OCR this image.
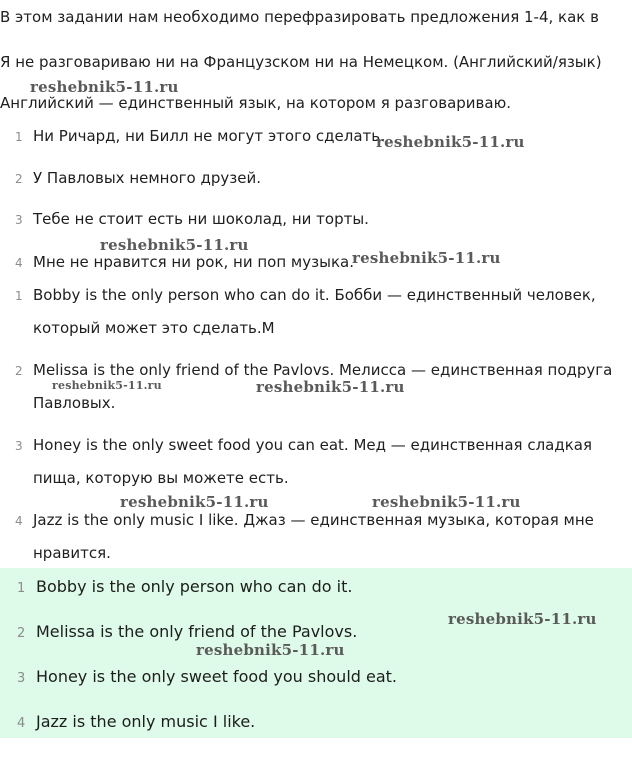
В этом задании нам необходимо перефразировать предложения 1-4, как в
Я не разговариваю ни на Французском ни на Немецком. (Английский/язык)
Английский — единственный язык, на котором я разговариваю.
1 Ни Ричард, ни Билл не могут этого сделать.
2 У Павловых немного друзей.
3 Тебе не стоит есть ни шоколад, ни торты.
4 Мне не нравится ни рок, ни поп музыка.
1 Bobby is the only person who can do it. Бобби — единственный человек,
который может это сделать.М
2 Melissa is the only friend of the Pavlovs. Мелисса — единственная подруга
Павловых.
3 Honey is the only sweet food you can eat. Мед — единственная сладкая
пища, которую вы можете есть.
4 Jazz is the only music I like. Джаз — единственная музыка, которая мне
нравится.
1 Bobby is the only person who can do it.
2 Melissa is the only friend of the Pavlovs.
3 Honey is the only sweet food you should eat.
4 Jazz is the only music I like.
reshebnik5-11.ru
reshebnik5-11.ru
reshebnik5-11.ru
reshebnik5-11.ru
reshebnik5-11.ru	reshebnik5-11.ru
reshebnik5-11.ru	reshebnik5-11.ru
reshebnik5-11.ru
reshebnik5-11.ru
